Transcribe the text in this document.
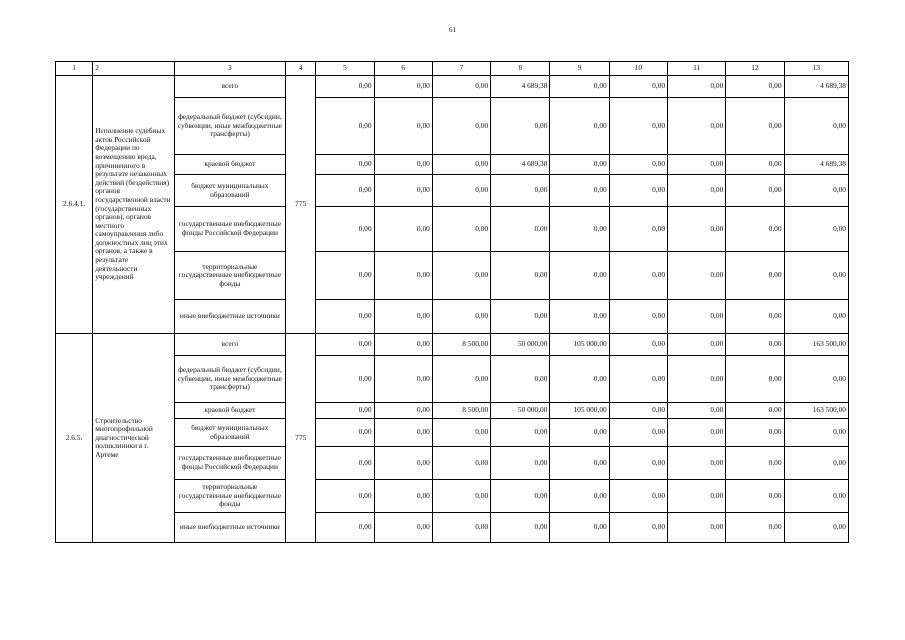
61
1	2	3	4	5	6	7	8	9	10	11	12	13
2.6.4.1.	Исполнение судебных актов Российской Федерации по возмещению вреда, причиненного в результате незаконных действий (бездействия) органов государственной власти (государственных органов), органов местного самоуправления либо должностных лиц этих органов, а также в результате деятельности учреждений	всего	775	0,00	0,00	0,00	4 689,38	0,00	0,00	0,00	0,00	4 689,38
		федеральный бюджет (субсидии, субвенции, иные межбюджетные трансферты)		0,00	0,00	0,00	0,00	0,00	0,00	0,00	0,00	0,00
		краевой бюджет		0,00	0,00	0,00	4 689,38	0,00	0,00	0,00	0,00	4 689,38
		бюджет муниципальных образований		0,00	0,00	0,00	0,00	0,00	0,00	0,00	0,00	0,00
		государственные внебюджетные фонды Российской Федерации		0,00	0,00	0,00	0,00	0,00	0,00	0,00	0,00	0,00
		территориальные государственные внебюджетные фонды		0,00	0,00	0,00	0,00	0,00	0,00	0,00	0,00	0,00
		иные внебюджетные источники		0,00	0,00	0,00	0,00	0,00	0,00	0,00	0,00	0,00
2.6.5.	Строительство многопрофильной диагностической поликлиники в г. Артеме	всего	775	0,00	0,00	8 500,00	50 000,00	105 000,00	0,00	0,00	0,00	163 500,00
		федеральный бюджет (субсидии, субвенции, иные межбюджетные трансферты)		0,00	0,00	0,00	0,00	0,00	0,00	0,00	0,00	0,00
		краевой бюджет		0,00	0,00	8 500,00	50 000,00	105 000,00	0,00	0,00	0,00	163 500,00
		бюджет муниципальных образований		0,00	0,00	0,00	0,00	0,00	0,00	0,00	0,00	0,00
		государственные внебюджетные фонды Российской Федерации		0,00	0,00	0,00	0,00	0,00	0,00	0,00	0,00	0,00
		территориальные государственные внебюджетные фонды		0,00	0,00	0,00	0,00	0,00	0,00	0,00	0,00	0,00
		иные внебюджетные источники		0,00	0,00	0,00	0,00	0,00	0,00	0,00	0,00	0,00
